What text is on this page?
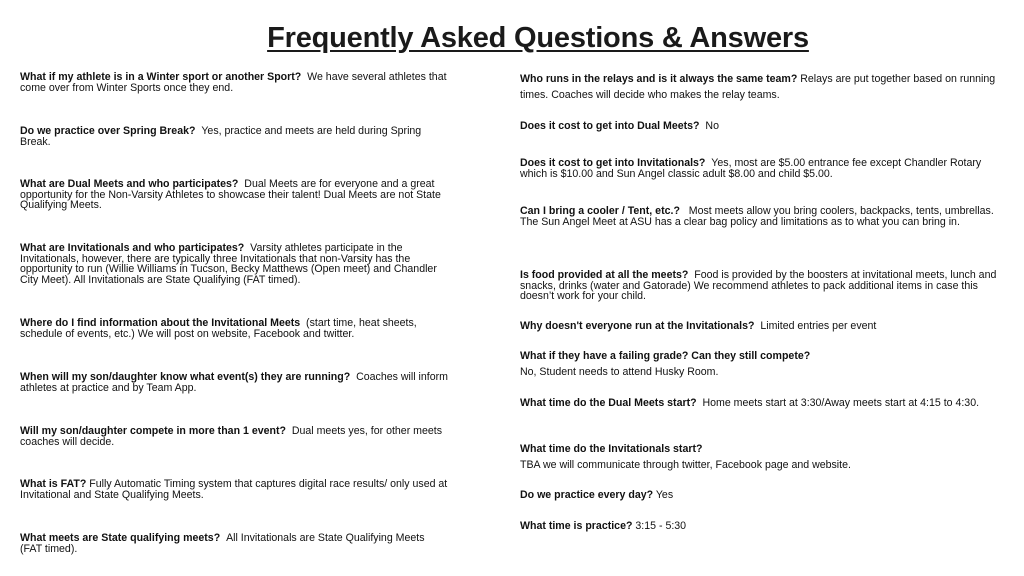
Frequently Asked Questions & Answers
What if my athlete is in a Winter sport or another Sport? We have several athletes that come over from Winter Sports once they end.
Do we practice over Spring Break? Yes, practice and meets are held during Spring Break.
What are Dual Meets and who participates? Dual Meets are for everyone and a great opportunity for the Non-Varsity Athletes to showcase their talent! Dual Meets are not State Qualifying Meets.
What are Invitationals and who participates? Varsity athletes participate in the Invitationals, however, there are typically three Invitationals that non-Varsity has the opportunity to run (Willie Williams in Tucson, Becky Matthews (Open meet) and Chandler City Meet). All Invitationals are State Qualifying (FAT timed).
Where do I find information about the Invitational Meets (start time, heat sheets, schedule of events, etc.) We will post on website, Facebook and twitter.
When will my son/daughter know what event(s) they are running? Coaches will inform athletes at practice and by Team App.
Will my son/daughter compete in more than 1 event? Dual meets yes, for other meets coaches will decide.
What is FAT? Fully Automatic Timing system that captures digital race results/ only used at Invitational and State Qualifying Meets.
What meets are State qualifying meets? All Invitationals are State Qualifying Meets (FAT timed).
Who runs in the relays and is it always the same team? Relays are put together based on running times. Coaches will decide who makes the relay teams.
Does it cost to get into Dual Meets? No
Does it cost to get into Invitationals? Yes, most are $5.00 entrance fee except Chandler Rotary which is $10.00 and Sun Angel classic adult $8.00 and child $5.00.
Can I bring a cooler / Tent, etc.? Most meets allow you bring coolers, backpacks, tents, umbrellas. The Sun Angel Meet at ASU has a clear bag policy and limitations as to what you can bring in.
Is food provided at all the meets? Food is provided by the boosters at invitational meets, lunch and snacks, drinks (water and Gatorade) We recommend athletes to pack additional items in case this doesn’t work for your child.
Why doesn't everyone run at the Invitationals? Limited entries per event
What if they have a failing grade? Can they still compete?
No, Student needs to attend Husky Room.
What time do the Dual Meets start? Home meets start at 3:30/Away meets start at 4:15 to 4:30.
What time do the Invitationals start?
TBA we will communicate through twitter, Facebook page and website.
Do we practice every day? Yes
What time is practice? 3:15 - 5:30
